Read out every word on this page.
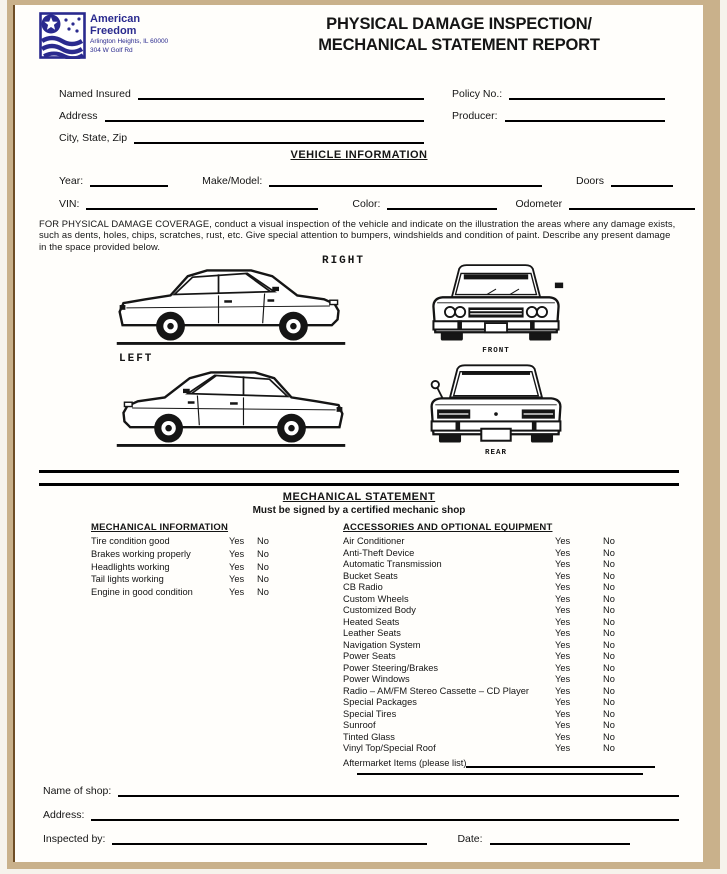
American
Freedom
Arlington Heights, IL 60000
304 W Golf Rd
PHYSICAL DAMAGE INSPECTION/
MECHANICAL STATEMENT REPORT
Named Insured
Address
City, State, Zip
Policy No.:
Producer:
VEHICLE INFORMATION
Year:	Make/Model:	Doors
VIN:	Color:	Odometer
FOR PHYSICAL DAMAGE COVERAGE, conduct a visual inspection of the vehicle and indicate on the illustration the areas where any damage exists, such as dents, holes, chips, scratches, rust, etc. Give special attention to bumpers, windshields and condition of paint. Describe any present damage in the space provided below.
RIGHT
FRONT
LEFT
REAR
MECHANICAL STATEMENT
Must be signed by a certified mechanic shop
MECHANICAL INFORMATION
Tire condition good	Yes	No
Brakes working properly	Yes	No
Headlights working	Yes	No
Tail lights working	Yes	No
Engine in good condition	Yes	No
ACCESSORIES AND OPTIONAL EQUIPMENT
Air Conditioner	Yes	No
Anti-Theft Device	Yes	No
Automatic Transmission	Yes	No
Bucket Seats	Yes	No
CB Radio	Yes	No
Custom Wheels	Yes	No
Customized Body	Yes	No
Heated Seats	Yes	No
Leather Seats	Yes	No
Navigation System	Yes	No
Power Seats	Yes	No
Power Steering/Brakes	Yes	No
Power Windows	Yes	No
Radio – AM/FM Stereo Cassette – CD Player	Yes	No
Special Packages	Yes	No
Special Tires	Yes	No
Sunroof	Yes	No
Tinted Glass	Yes	No
Vinyl Top/Special Roof	Yes	No
Aftermarket Items (please list)
Name of shop:
Address:
Inspected by:	Date:
